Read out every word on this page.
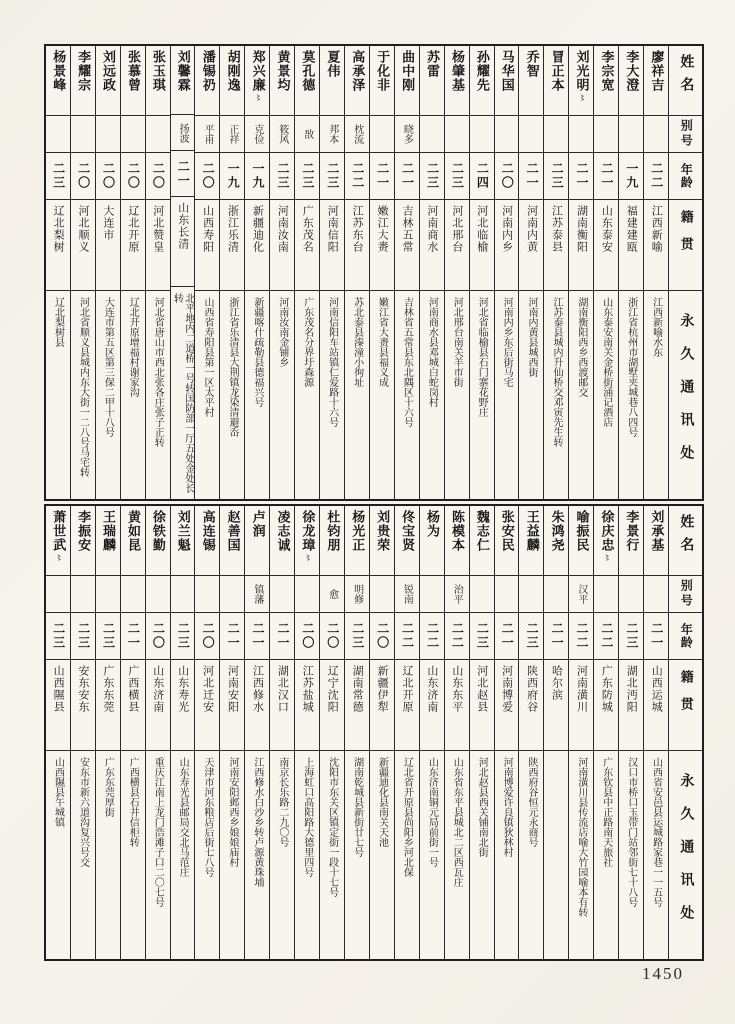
姓名
别号
年龄
籍贯
永久通讯处
廖祥吉
二二
江西新喻
江西新喻水东
李大澄
一九
福建建瓯
浙江省杭州市湖墅夹城巷八四号
李宗宽
二一
山东泰安
山东泰安南关金桥街涌记酒店
刘光明
〻
二一
湖南衡阳
湖南衡阳西乡西渡邮交
冒正本
二三
江苏泰县
江苏泰县城内升仙桥交邓寅先生转
乔智
二一
河南内黄
河南内黄县城西街
马华国
二〇
河南内乡
河南内乡东后街马宅
孙耀先
二四
河北临榆
河北省临榆县石门寨花野庄
杨肇基
二三
河北邢台
河北邢台南关羊市街
苏雷
二三
河南商水
河南商水县邓城白蛇岗村
曲中刚
晓多
二一
吉林五常
吉林省五常县东北隅区十六号
于化非
二一
嫩江大赉
嫩江省大赉县福义成
高承泽
枕流
二二
江苏东台
苏北泰县溱潼小徇址
夏伟
邦本
二三
河南信阳
河南信阳车站镇仁爱路十六号
莫孔德
敔
二三
广东茂名
广东茂名分界圩森源
黄景均
筱风
二三
河南汝南
河南汝南金铺乡
郑兴廉
〻
克俭
一九
新疆迪化
新疆喀什疏勒县德福兴号
胡刚逸
正祥
一九
浙江乐清
浙江省乐清县大荆镇龙染清避岙
潘锡礽
平甫
二〇
山西寿阳
山西省寿阳县第一区太平村
刘馨霖
扬波
二一
山东长清
北平地内二道桥一号转国防部一厅五处金处长转
张玉琪
二〇
河北赞皇
河北省唐山市西北张各庄张子正转
张慕曾
二〇
辽北开原
辽北开原增福村谢家沟
刘远政
二〇
大连市
大连市第五区第三保二甲十八号
李耀宗
二〇
河北顺义
河北省顺义县城内东大街一二八号马宅转
杨景峰
二三
辽北梨树
辽北梨树县
姓名
别号
年龄
籍贯
永久通讯处
刘承基
二一
山西运城
山西省安邑县运城路家巷一一五号
李景行
二三
湖北沔阳
汉口市桥口玉带门站邻街七十八号
徐庆忠
〻
二二
广东防城
广东钦县中正路南天旅社
喻振民
汉平
二二
河南潢川
河南潢川县传流店喻大竹园喻本有转
朱鸿尧
二一
哈尔滨
王益麟
二三
陕西府谷
陕西府谷恒元永商号
张安民
二一
河南博爱
河南博爱许良镇狄林村
魏志仁
二三
河北赵县
河北赵县西关铺南北街
陈模本
治平
二二
山东东平
山东省东平县城北二区西瓦庄
杨为
二二
山东济南
山东济南铜元局前街一号
佟宝贤
锐南
二二
辽北开原
辽北省开原县尚阳乡河北保
刘贵荣
二〇
新疆伊犁
新疆迪化县南关天池
杨光正
明修
二三
湖南常德
湖南乾城县新街廿七号
杜钧朋
愈
二〇
辽宁沈阳
沈阳市东关区镇定街一段十七号
徐龙璋
〻
二〇
江苏盐城
上海虹口高阳路大德里四号
凌志诚
二一
湖北汉口
南京长乐路二九〇号
卢润
镇藩
二一
江西修水
江西修水白沙乡转卢源黄珠埔
赵善国
二一
河南安阳
河南安阳邺西乡娘娘庙村
高连锡
二〇
河北迁安
天津市河东粮店后街七八号
刘兰魁
二三
山东寿光
山东寿光县邮局交北马范庄
徐铁勤
二〇
山东济南
重庆江南上龙门浩滩子口二〇七号
黄如昆
二一
广西横县
广西横县石井信柜转
王瑞麟
二三
广东东莞
广东东莞厚街
李振安
二三
安东安东
安东市新六道沟复兴号交
萧世武
〻
二三
山西隰县
山西隰县午城镇
1450
